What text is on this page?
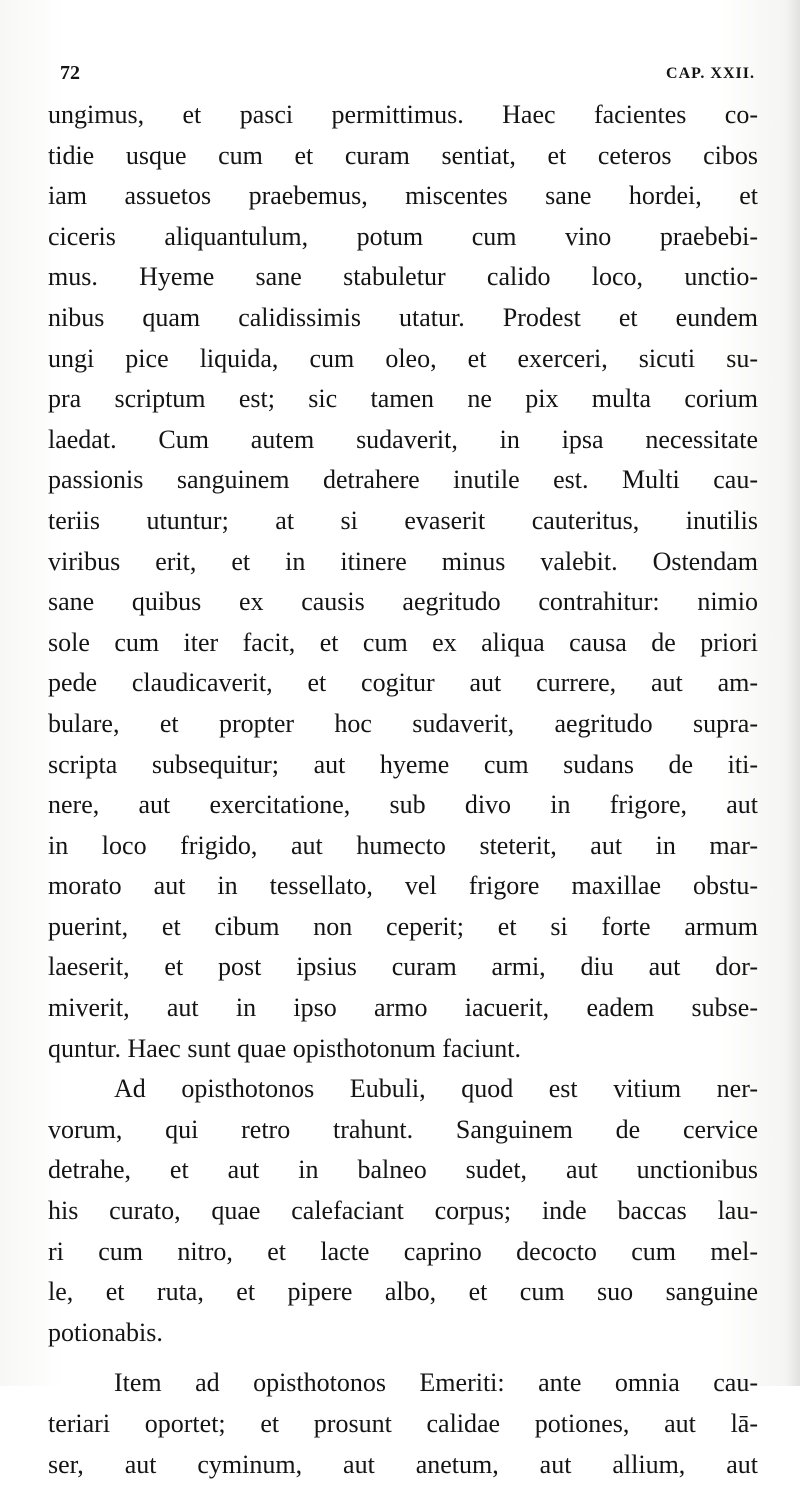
72	CAP. XXII.
ungimus, et pasci permittimus. Haec facientes co-
tidie usque cum et curam sentiat, et ceteros cibos
iam assuetos praebemus, miscentes sane hordei, et
ciceris aliquantulum, potum cum vino praebebi-
mus. Hyeme sane stabuletur calido loco, unctio-
nibus quam calidissimis utatur. Prodest et eundem
ungi pice liquida, cum oleo, et exerceri, sicuti su-
pra scriptum est; sic tamen ne pix multa corium
laedat. Cum autem sudaverit, in ipsa necessitate
passionis sanguinem detrahere inutile est. Multi cau-
teriis utuntur; at si evaserit cauteritus, inutilis
viribus erit, et in itinere minus valebit. Ostendam
sane quibus ex causis aegritudo contrahitur: nimio
sole cum iter facit, et cum ex aliqua causa de priori
pede claudicaverit, et cogitur aut currere, aut am-
bulare, et propter hoc sudaverit, aegritudo supra-
scripta subsequitur; aut hyeme cum sudans de iti-
nere, aut exercitatione, sub divo in frigore, aut
in loco frigido, aut humecto steterit, aut in mar-
morato aut in tessellato, vel frigore maxillae obstu-
puerint, et cibum non ceperit; et si forte armum
laeserit, et post ipsius curam armi, diu aut dor-
miverit, aut in ipso armo iacuerit, eadem subse-
quntur. Haec sunt quae opisthotonum faciunt.
Ad opisthotonos Eubuli, quod est vitium ner-
vorum, qui retro trahunt. Sanguinem de cervice
detrahe, et aut in balneo sudet, aut unctionibus
his curato, quae calefaciant corpus; inde baccas lau-
ri cum nitro, et lacte caprino decocto cum mel-
le, et ruta, et pipere albo, et cum suo sanguine
potionabis.
Item ad opisthotonos Emeriti: ante omnia cau-
teriari oportet; et prosunt calidae potiones, aut lā-
ser, aut cyminum, aut anetum, aut allium, aut
